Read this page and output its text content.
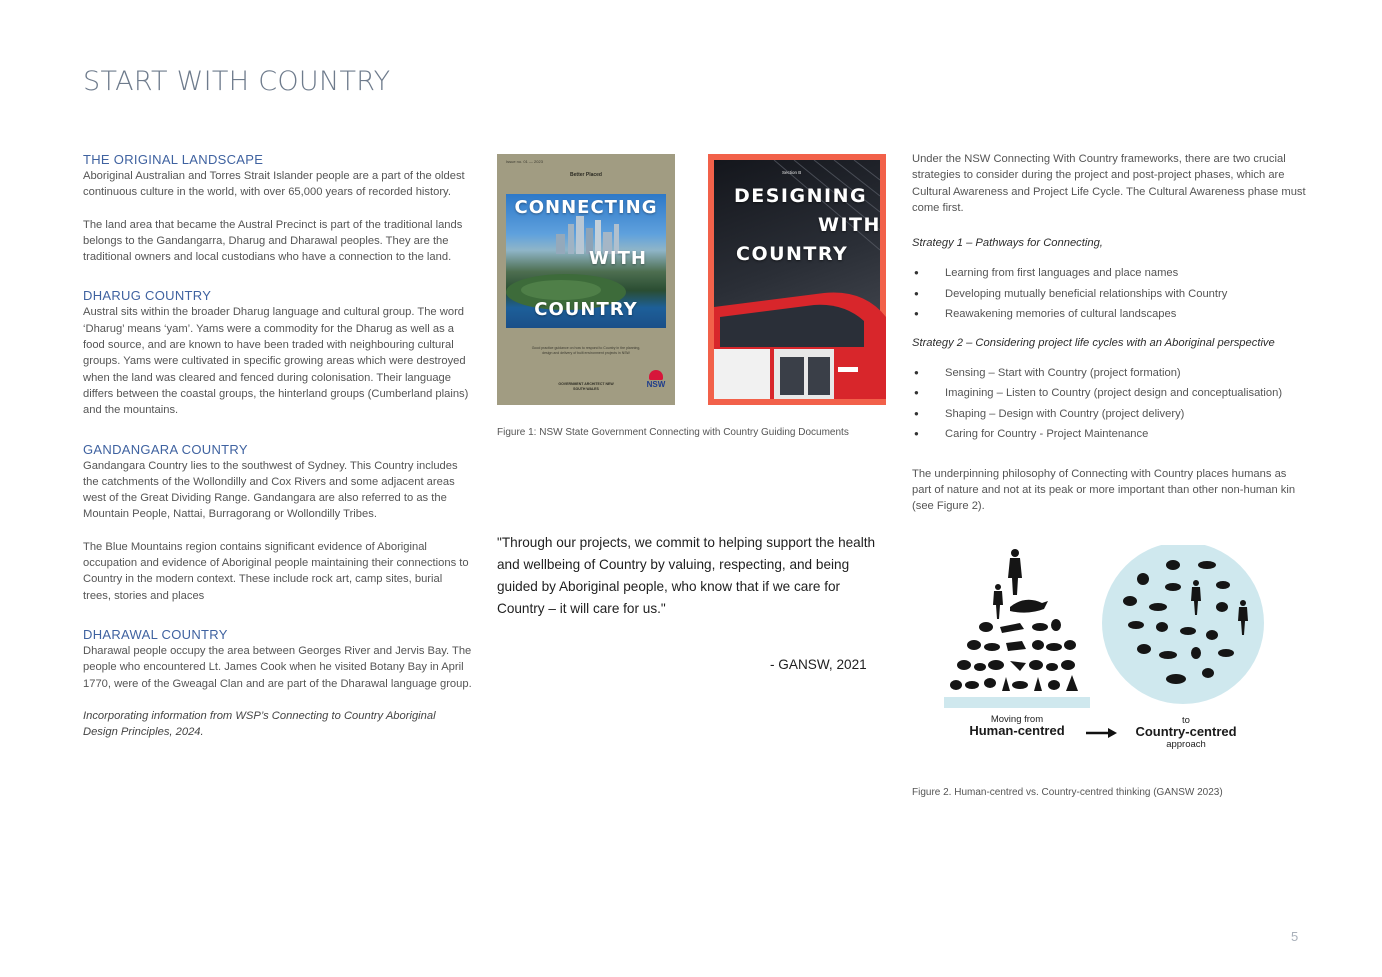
START WITH COUNTRY
THE ORIGINAL LANDSCAPE

Aboriginal Australian and Torres Strait Islander people are a part of the oldest continuous culture in the world, with over 65,000 years of recorded history.

The land area that became the Austral Precinct is part of the traditional lands belongs to the Gandangarra, Dharug and Dharawal peoples. They are the traditional owners and local custodians who have a connection to the land.

DHARUG COUNTRY

Austral sits within the broader Dharug language and cultural group. The word ‘Dharug’ means ‘yam’. Yams were a commodity for the Dharug as well as a food source, and are known to have been traded with neighbouring cultural groups. Yams were cultivated in specific growing areas which were destroyed when the land was cleared and fenced during colonisation. Their language differs between the coastal groups, the hinterland groups (Cumberland plains) and the mountains.

GANDANGARA COUNTRY

Gandangara Country lies to the southwest of Sydney. This Country includes the catchments of the Wollondilly and Cox Rivers and some adjacent areas west of the Great Dividing Range. Gandangara are also referred to as the Mountain People, Nattai, Burragorang or Wollondilly Tribes.

The Blue Mountains region contains significant evidence of Aboriginal occupation and evidence of Aboriginal people maintaining their connections to Country in the modern context. These include rock art, camp sites, burial trees, stories and places

DHARAWAL COUNTRY

Dharawal people occupy the area between Georges River and Jervis Bay. The people who encountered Lt. James Cook when he visited Botany Bay in April 1770, were of the Gweagal Clan and are part of the Dharawal language group.

Incorporating information from WSP’s Connecting to Country Aboriginal Design Principles, 2024.

Issue no. 01 — 2023
Better Placed
CONNECTING
WITH
COUNTRY
Good practice guidance on how to respond to Country in the planning, design and delivery of built environment projects in NSW
GOVERNMENT ARCHITECT NEW SOUTH WALES	NSW
Section B
DESIGNING
WITH
COUNTRY

Figure 1: NSW State Government Connecting with Country Guiding Documents

"Through our projects, we commit to helping support the health and wellbeing of Country by valuing, respecting, and being guided by Aboriginal people, who know that if we care for Country – it will care for us."

- GANSW, 2021

Under the NSW Connecting With Country frameworks, there are two crucial strategies to consider during the project and post-project phases, which are Cultural Awareness and Project Life Cycle. The Cultural Awareness phase must come first.

Strategy 1 – Pathways for Connecting,

● Learning from first languages and place names
● Developing mutually beneficial relationships with Country
● Reawakening memories of cultural landscapes

Strategy 2 – Considering project life cycles with an Aboriginal perspective

● Sensing – Start with Country (project formation)
● Imagining – Listen to Country (project design and conceptualisation)
● Shaping – Design with Country (project delivery)
● Caring for Country - Project Maintenance

The underpinning philosophy of Connecting with Country places humans as part of nature and not at its peak or more important than other non-human kin (see Figure 2).

Moving from
Human-centred
to
Country-centred
approach

Figure 2. Human-centred vs. Country-centred thinking (GANSW 2023)

5
